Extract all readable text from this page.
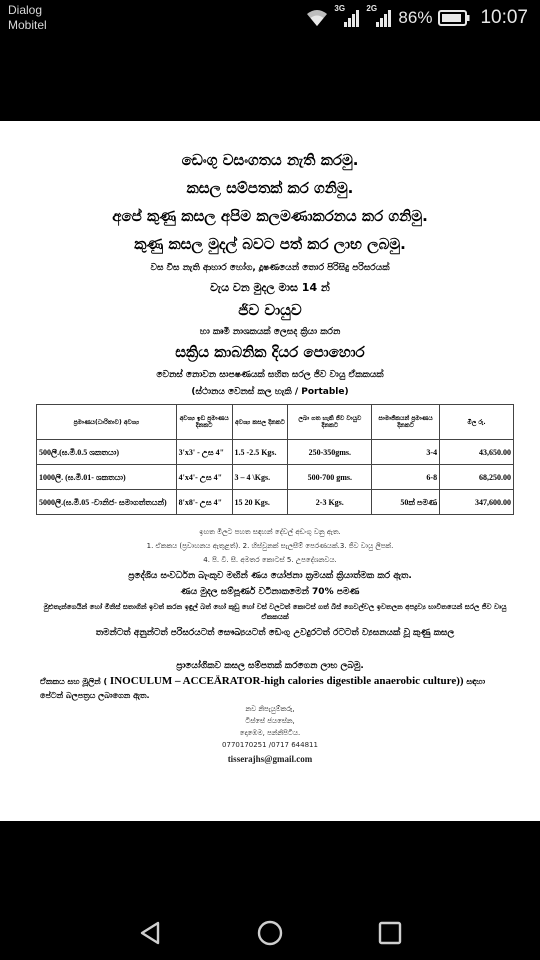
Dialog
Mobitel
3G	2G 86%	10:07
ඩෙංගු වසංගතය නැති කරමු.
කසල සම්පතක් කර ගනිමු.
අපේ කුණු කසල අපිම කලමණාකරනය කර ගනිමු.
කුණු කසල මුදල් බවට පත් කර ලාභ ලබමු.
වස විස නැති ආහාර හෝග, දූෂණයෙන් තොර පිරිසිදු පරිසරයක්
වැය වන මුදල මාස 14 න්
ජිව වායුව
හා කෘමි නාශකයක් ලෙසද ක්‍රියා කරන
සක්‍රිය කාබනික දියර පොහොර
වෙනස් නොවන සාපෂණයක් සහිත සරල ජිව වායු ඒකකයක්
(ස්ථානය වෙනස් කල හැකි / Portable)
ප්‍රමාණය(ධාරිතාව) අවශ්‍ය	අවශ්‍ය ඉඩ ප්‍රමාණය දිනකට	අවශ්‍ය කසල දිනකට	ලබා ගත හැකි ජිව වායුව දිනකට	සාමාජිකයන් ප්‍රමාණය දිනකට	මිල රු.
500ලී.(ඝ.මී.0.5 ශකතයා)	3'x3' - උස 4"	1.5 -2.5 Kgs.	250-350gms.	3-4	43,650.00
1000ලී. (ඝ.මී.01- ශකතයා)	4'x4'- උස 4"	3 – 4 \Kgs.	500-700 gms.	6-8	68,250.00
5000ලී.(ඝ.මී.05 -වානිජ- සමාගත්තයන්)	8'x8'- උස 4"	15 20 Kgs.	2-3 Kgs.	50ක් පමණ	347,600.00
ඉහත මිලට පහත සඳහන් දේවල් අඩංගු වනු ඇත.
1. ඒකකය (ප්‍රවාහනය ඇතුළත්). 2. හිස්වුනක් සැලසීම් පෙරණයක්.3. ජිව වායු ලිපක්.
4. පී. වී. සී. අමතර කොටස් 5. උපදේශනවය.
ප්‍රදේශිය සංවර්ධන බැංකුව මඟින් ණය යෝජනා ක්‍රමයක් ක්‍රියාත්මක කර ඇත.
ණය මුදල සම්පූර්ණ වටිනාකමෙන් 70% පමණ
මුළුතැන්ගෙයින් හෝ මිනිස් සතාගින් ඉවත් කරන ඉඳුල් බත් හෝ කුඩු හෝ වස් වලටත් කොටස් ගත් බිස් ගෙවල්වල ඉවතලන අපද්‍රව්‍ය භාවිතයෙන් සරල ජිව වායු ඒකකයක්
තමන්ටත් අනුන්ටත් පරිසරයටත් සෞඛ්‍යයටත් ඩෙංගු උවදුරටත් රටටත් ව්‍යසනයක් වූ කුණු කසල
ප්‍රායෝගිකව කසල සම්පතක් කරගෙන ලාභ ලබමු.
ඒකකය සහ මූලින් ( INOCULUM – ACCEÄRATOR-high calories digestible anaerobic culture)) සඳහා පේටන් බලපත්‍රය ලබාගෙන ඇත.
නව නිපැයුම්කරු,
ටිස්සේ ජයසේන,
දොඹෙම, පන්නිපිටිය.
0770170251 /0717 644811
tisserajhs@gmail.com
